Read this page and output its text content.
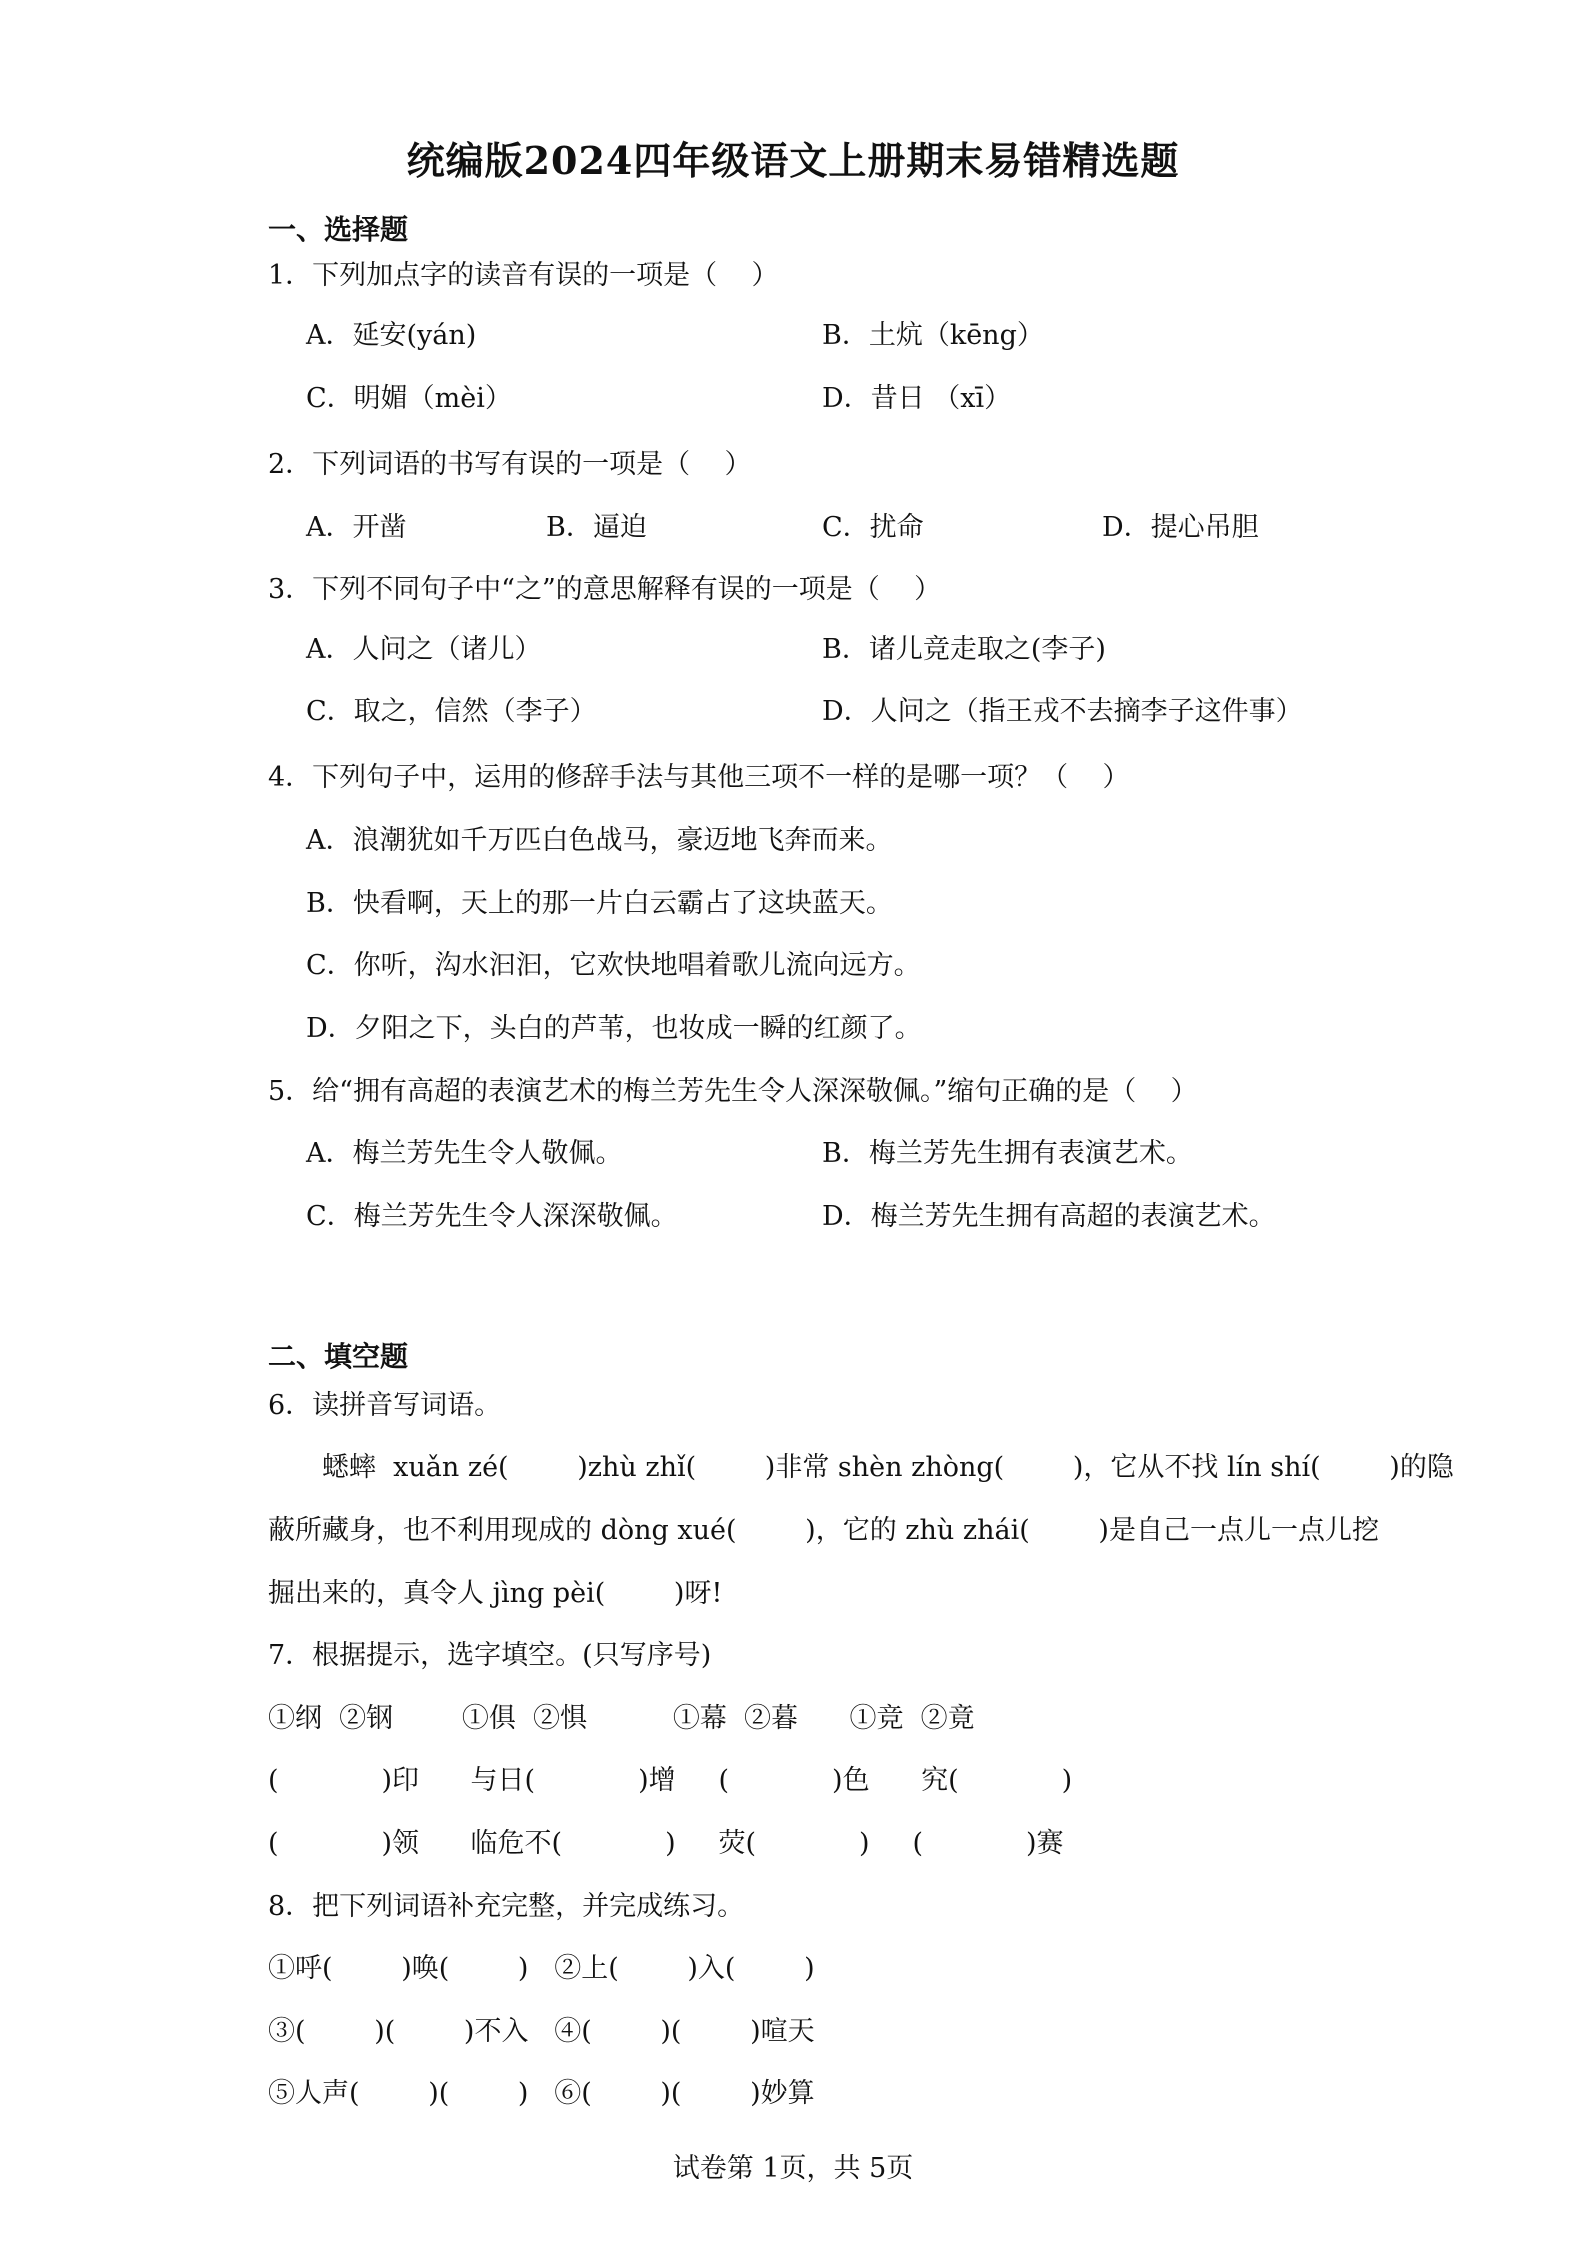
统编版2024四年级语文上册期末易错精选题
一、选择题
1．下列加点字的读音有误的一项是（    ）
A．延安(yán)	B．土炕（kēng）
C．明媚（mèi）	D．昔日 （xī）
2．下列词语的书写有误的一项是（    ）
A．开凿	B．逼迫	C．扰命	D．提心吊胆
3．下列不同句子中“之”的意思解释有误的一项是（    ）
A．人问之（诸儿）	B．诸儿竞走取之(李子)
C．取之，信然（李子）	D．人问之（指王戎不去摘李子这件事）
4．下列句子中，运用的修辞手法与其他三项不一样的是哪一项？（    ）
A．浪潮犹如千万匹白色战马，豪迈地飞奔而来。
B．快看啊，天上的那一片白云霸占了这块蓝天。
C．你听，沟水汩汩，它欢快地唱着歌儿流向远方。
D．夕阳之下，头白的芦苇，也妆成一瞬的红颜了。
5．给“拥有高超的表演艺术的梅兰芳先生令人深深敬佩。”缩句正确的是（    ）
A．梅兰芳先生令人敬佩。	B．梅兰芳先生拥有表演艺术。
C．梅兰芳先生令人深深敬佩。	D．梅兰芳先生拥有高超的表演艺术。
二、填空题
6．读拼音写词语。
蟋蟀  xuǎn zé(        )zhù zhǐ(        )非常 shèn zhòng(        )，它从不找 lín shí(        )的隐
蔽所藏身，也不利用现成的 dòng xué(        )，它的 zhù zhái(        )是自己一点儿一点儿挖
掘出来的，真令人 jìng pèi(        )呀!
7．根据提示，选字填空。(只写序号)
①纲  ②钢        ①俱  ②惧          ①幕  ②暮      ①竞  ②竟
(            )印      与日(            )增     (            )色      究(            )
(            )领      临危不(            )     荧(            )     (            )赛
8．把下列词语补充完整，并完成练习。
①呼(        )唤(        )   ②上(        )入(        )
③(        )(        )不入   ④(        )(        )喧天
⑤人声(        )(        )   ⑥(        )(        )妙算
试卷第 1页，共 5页
